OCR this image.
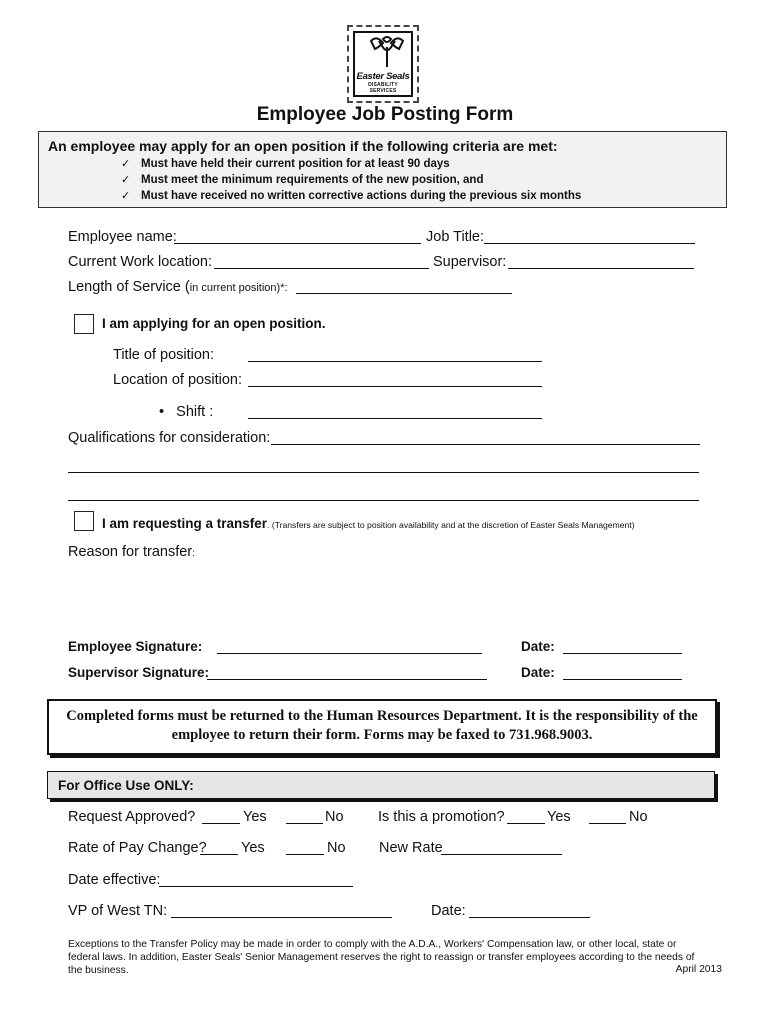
Easter Seals
DISABILITY SERVICES
Employee Job Posting Form
An employee may apply for an open position if the following criteria are met:
✓ Must have held their current position for at least 90 days
✓ Must meet the minimum requirements of the new position, and
✓ Must have received no written corrective actions during the previous six months
Employee name:	Job Title:
Current Work location:	Supervisor:
Length of Service (in current position)*:
I am applying for an open position.
Title of position:
Location of position:
•   Shift :
Qualifications for consideration:
I am requesting a transfer. (Transfers are subject to position availability and at the discretion of Easter Seals Management)
Reason for transfer:
Employee Signature:	Date:
Supervisor Signature:	Date:
Completed forms must be returned to the Human Resources Department. It is the responsibility of the employee to return their form. Forms may be faxed to 731.968.9003.
For Office Use ONLY:
Request Approved?	Yes	No Is this a promotion?	Yes	No
Rate of Pay Change? Yes	No New Rate
Date effective:
VP of West TN:	Date:
Exceptions to the Transfer Policy may be made in order to comply with the A.D.A., Workers' Compensation law, or other local, state or federal laws. In addition, Easter Seals' Senior Management reserves the right to reassign or transfer employees according to the needs of the business.	April 2013
